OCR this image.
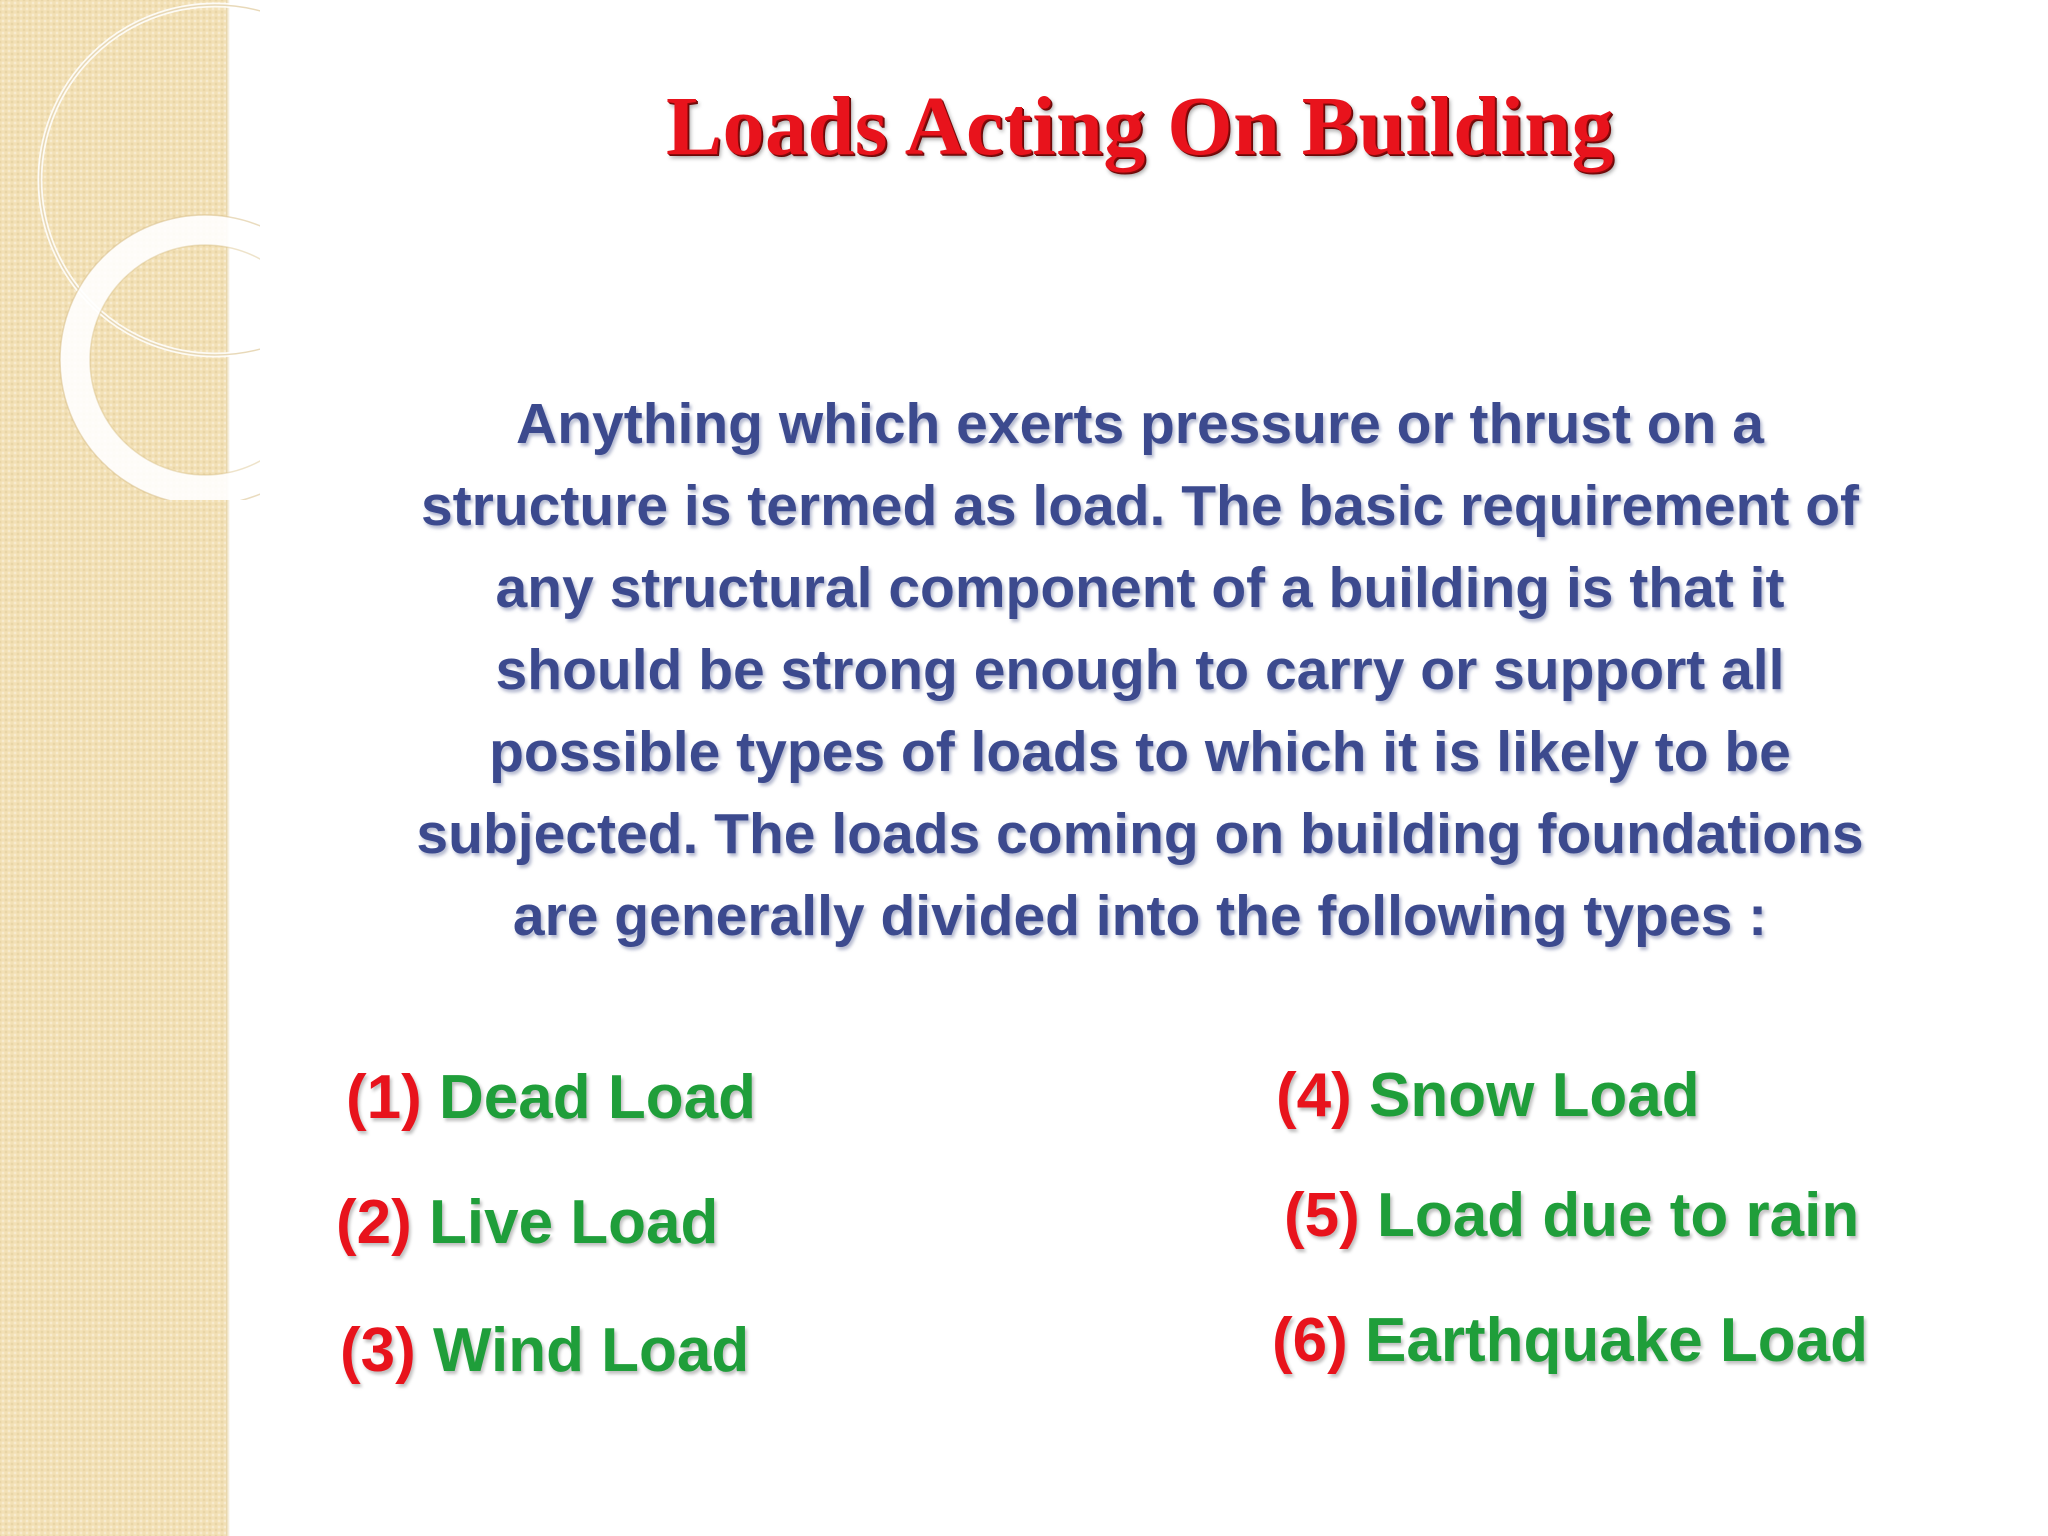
Loads Acting On Building
Anything which exerts pressure or thrust on a
structure is termed as load. The basic requirement of
any structural component of a building is that it
should be strong enough to carry or support all
possible types of loads to which it is likely to be
subjected. The loads coming on building foundations
are generally divided into the following types :
(1) Dead Load
(2) Live Load
(3) Wind Load
(4) Snow Load
(5) Load due to rain
(6) Earthquake Load
